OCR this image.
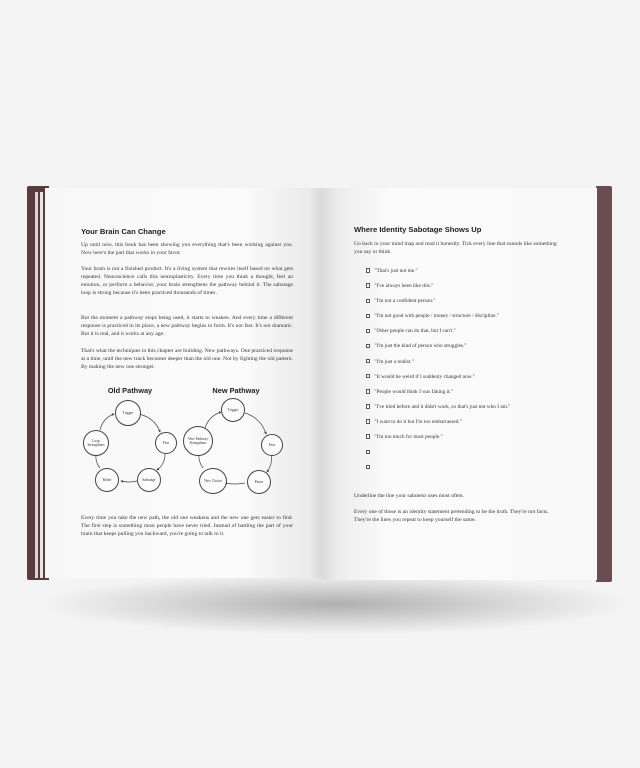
Your Brain Can Change

Up until now, this book has been showing you everything that's been working against you. Now here's the part that works in your favor.

Your brain is not a finished product. It's a living system that rewires itself based on what gets repeated. Neuroscience calls this neuroplasticity. Every time you think a thought, feel an emotion, or perform a behavior, your brain strengthens the pathway behind it. The sabotage loop is strong because it's been practiced thousands of times.

But the moment a pathway stops being used, it starts to weaken. And every time a different response is practiced in its place, a new pathway begins to form. It's not fast. It's not dramatic. But it is real, and it works at any age.

That's what the techniques in this chapter are building. New pathways. One practiced response at a time, until the new track becomes deeper than the old one. Not by fighting the old pattern. By making the new one stronger.

Old Pathway
Trigger
Fear
Sabotage
Relief
Loop Strengthens
New Pathway
Trigger
Fear
Pause
New Choice
New Pathway Strengthens

Every time you take the new path, the old one weakens and the new one gets easier to find. The first step is something most people have never tried. Instead of battling the part of your brain that keeps pulling you backward, you're going to talk to it.

Where Identity Sabotage Shows Up

Go back to your mind map and read it honestly. Tick every line that sounds like something you say or think.

"That's just not me."
"I've always been like this."
"I'm not a confident person."
"I'm not good with people / money / structure / discipline."
"Other people can do that, but I can't."
"I'm just the kind of person who struggles."
"I'm just a realist."
"It would be weird if I suddenly changed now."
"People would think I was faking it."
"I've tried before and it didn't work, so that's just not who I am."
"I want to do it but I'm too embarrassed."
"I'm too much for most people."

Underline the line your saboteur uses most often.

Every one of those is an identity statement pretending to be the truth. They're not facts. They're the lines you repeat to keep yourself the same.
